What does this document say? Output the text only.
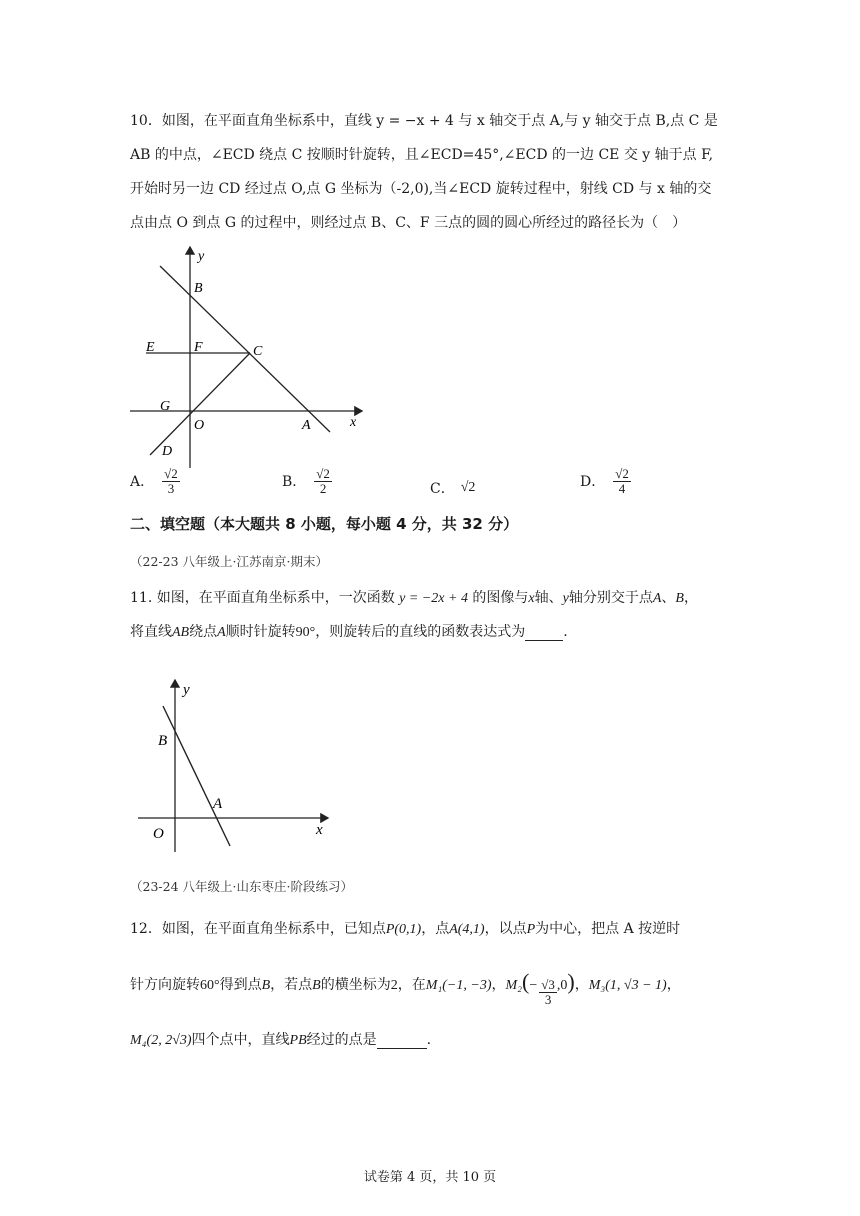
10．如图，在平面直角坐标系中，直线 y = −x + 4 与 x 轴交于点 A,与 y 轴交于点 B,点 C 是
AB 的中点，∠ECD 绕点 C 按顺时针旋转，且∠ECD=45°,∠ECD 的一边 CE 交 y 轴于点 F,
开始时另一边 CD 经过点 O,点 G 坐标为（-2,0),当∠ECD 旋转过程中，射线 CD 与 x 轴的交
点由点 O 到点 G 的过程中，则经过点 B、C、F 三点的圆的圆心所经过的路径长为（　）
y
B
E	F	C
G
O	A	x
D
A． $\frac{√2}{3}$	B． $\frac{√2}{2}$	C． √2	D． $\frac{√2}{4}$
二、填空题（本大题共 8 小题，每小题 4 分，共 32 分）
（22-23 八年级上·江苏南京·期末）
11. 如图，在平面直角坐标系中，一次函数 y = −2x + 4 的图像与x轴、y轴分别交于点A、B，
将直线AB绕点A顺时针旋转90°，则旋转后的直线的函数表达式为	.
y
B
A
O	x
（23-24 八年级上·山东枣庄·阶段练习）
12．如图，在平面直角坐标系中，已知点P(0,1)，点A(4,1)，以点P为中心，把点 A 按逆时
针方向旋转60°得到点B，若点B的横坐标为2，在M₁(−1, −3)，$M_2(- \frac{√3}{3} ,0)$，M₃(1, √3 − 1)，
M₄(2, 2√3)四个点中，直线PB经过的点是	.
试卷第 4 页，共 10 页
